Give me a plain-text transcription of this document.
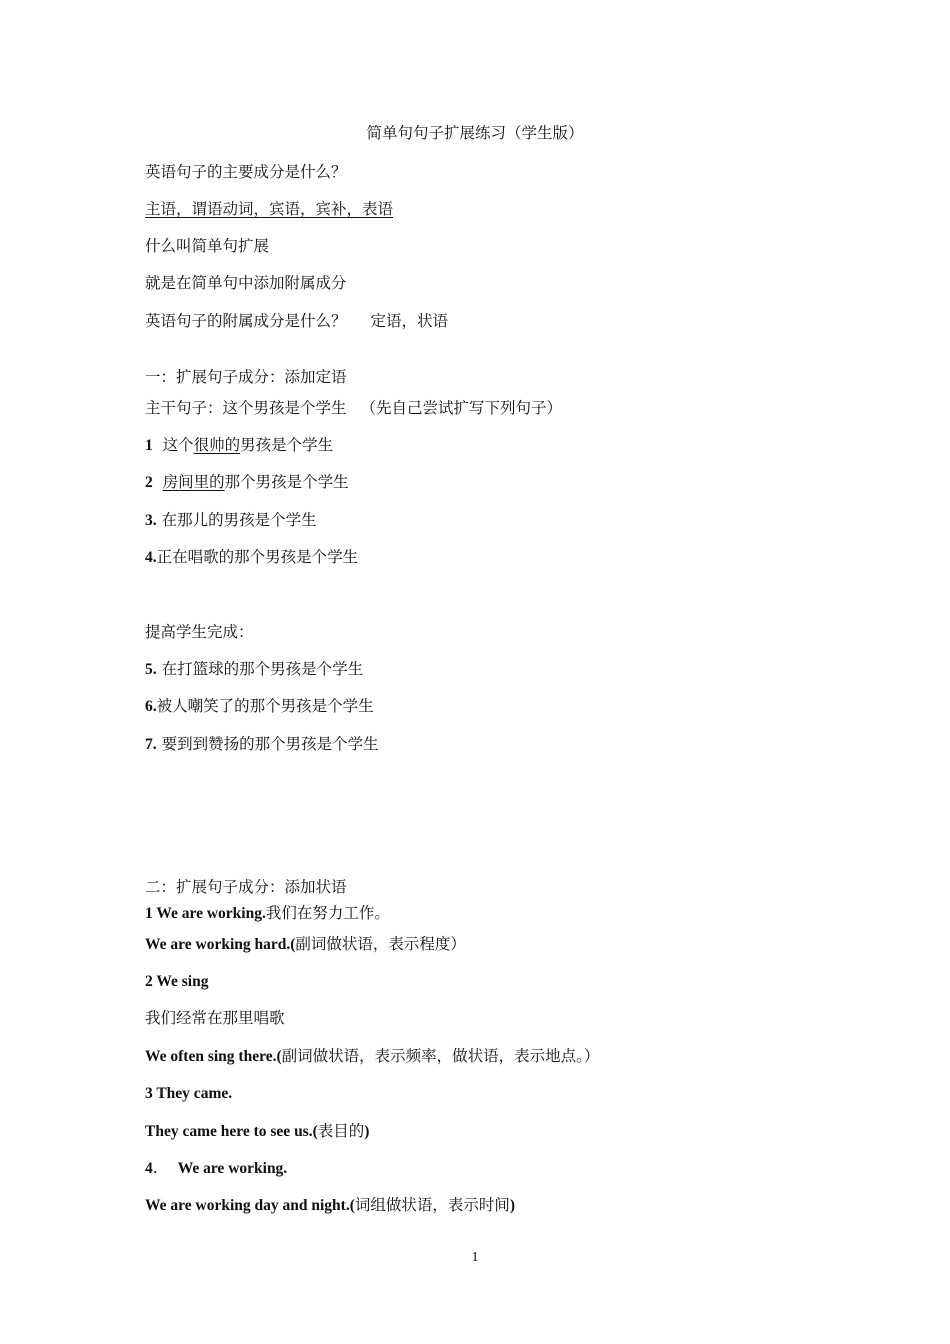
简单句句子扩展练习（学生版）
英语句子的主要成分是什么？
主语，谓语动词，宾语，宾补，表语
什么叫简单句扩展
就是在简单句中添加附属成分
英语句子的附属成分是什么？ 定语，状语
一：扩展句子成分：添加定语
主干句子：这个男孩是个学生 （先自己尝试扩写下列句子）
1 这个很帅的男孩是个学生
2 房间里的那个男孩是个学生
3. 在那儿的男孩是个学生
4.正在唱歌的那个男孩是个学生
提高学生完成：
5. 在打篮球的那个男孩是个学生
6.被人嘲笑了的那个男孩是个学生
7. 要到到赞扬的那个男孩是个学生
二：扩展句子成分：添加状语
1 We are working.我们在努力工作。
We are working hard.(副词做状语，表示程度）
2 We sing
我们经常在那里唱歌
We often sing there.(副词做状语，表示频率，做状语，表示地点。）
3 They came.
They came here to see us.(表目的)
4. We are working.
We are working day and night.(词组做状语，表示时间)
1
